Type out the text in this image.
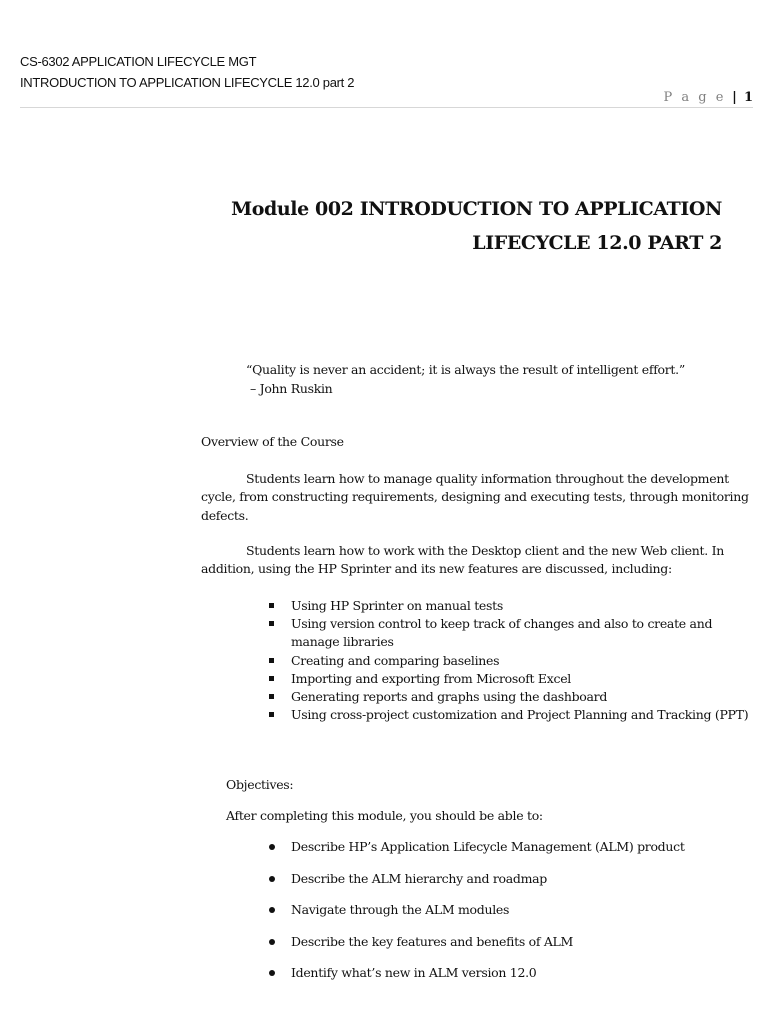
CS-6302 APPLICATION LIFECYCLE MGT
INTRODUCTION TO APPLICATION LIFECYCLE 12.0 part 2
P a g e | 1
Module 002 INTRODUCTION TO APPLICATION
LIFECYCLE 12.0 PART 2
“Quality is never an accident; it is always the result of intelligent effort.”
– John Ruskin
Overview of the Course
Students learn how to manage quality information throughout the development cycle, from constructing requirements, designing and executing tests, through monitoring defects.
Students learn how to work with the Desktop client and the new Web client. In addition, using the HP Sprinter and its new features are discussed, including:
Using HP Sprinter on manual tests
Using version control to keep track of changes and also to create and manage libraries
Creating and comparing baselines
Importing and exporting from Microsoft Excel
Generating reports and graphs using the dashboard
Using cross-project customization and Project Planning and Tracking (PPT)
Objectives:
After completing this module, you should be able to:
Describe HP’s Application Lifecycle Management (ALM) product
Describe the ALM hierarchy and roadmap
Navigate through the ALM modules
Describe the key features and benefits of ALM
Identify what’s new in ALM version 12.0
